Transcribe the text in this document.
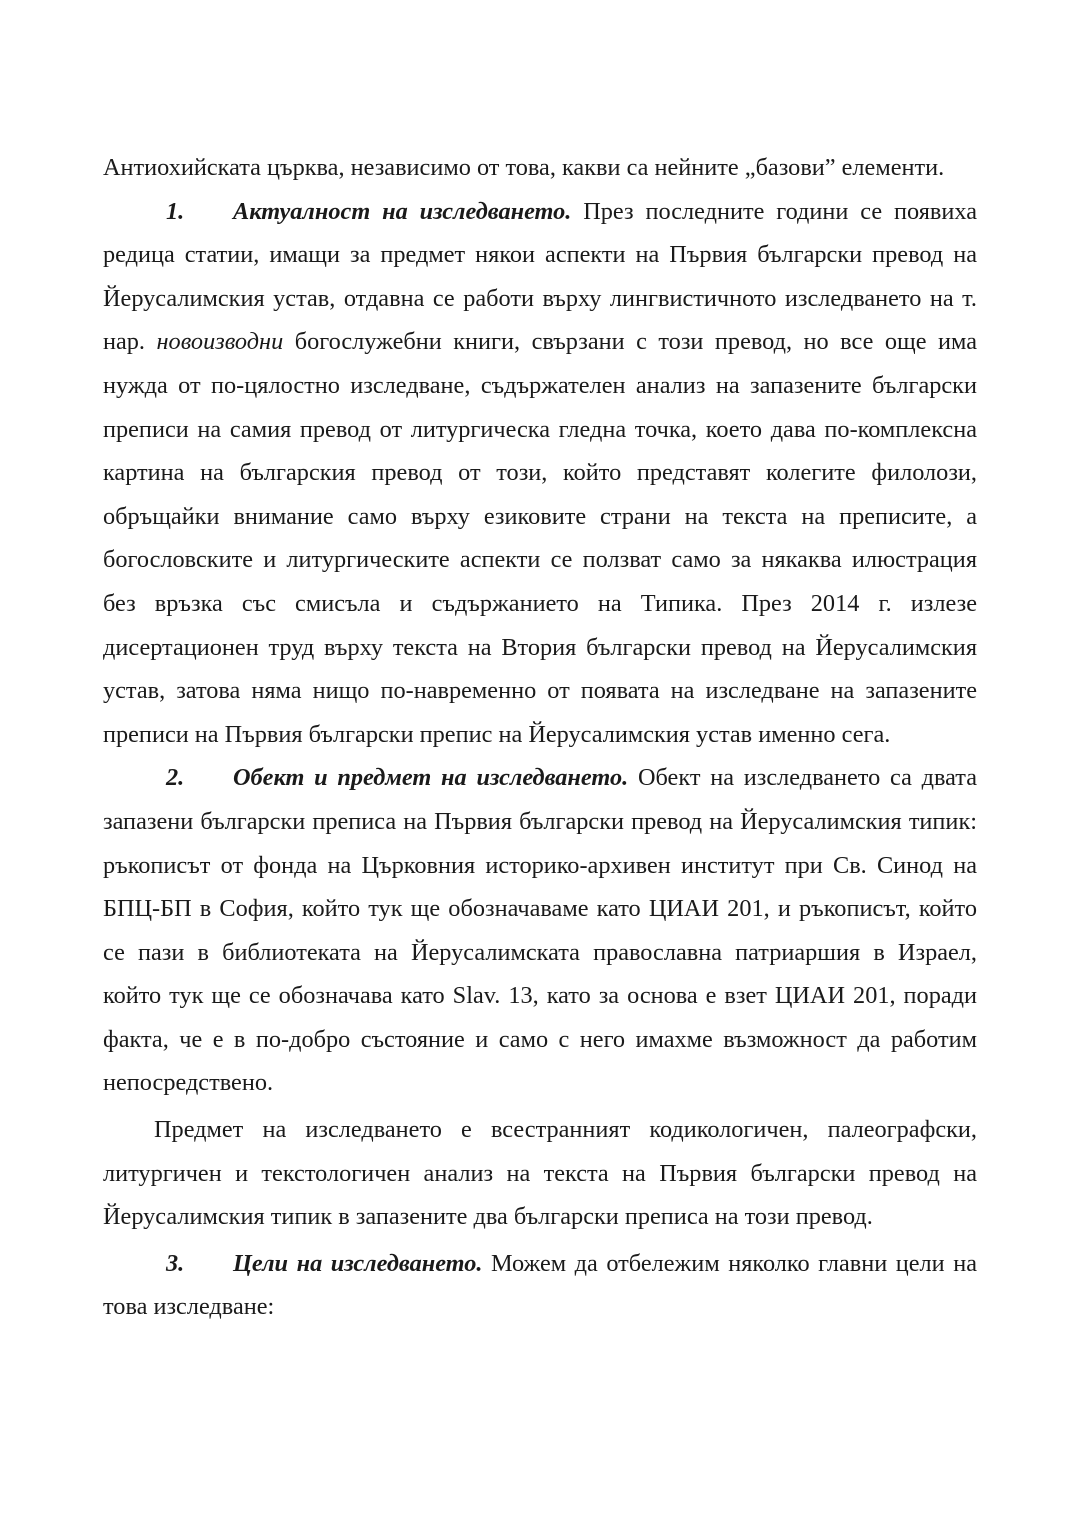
Антиохийската църква, независимо от това, какви са нейните „базови” елементи.

1. Актуалност на изследването. През последните години се появиха редица статии, имащи за предмет някои аспекти на Първия български превод на Йерусалимския устав, отдавна се работи върху лингвистичното изследването на т. нар. новоизводни богослужебни книги, свързани с този превод, но все още има нужда от по-цялостно изследване, съдържателен анализ на запазените български преписи на самия превод от литургическа гледна точка, което дава по-комплексна картина на българския превод от този, който представят колегите филолози, обръщайки внимание само върху езиковите страни на текста на преписите, а богословските и литургическите аспекти се ползват само за някаква илюстрация без връзка със смисъла и съдържанието на Типика. През 2014 г. излезе дисертационен труд върху текста на Втория български превод на Йерусалимския устав, затова няма нищо по-навременно от появата на изследване на запазените преписи на Първия български препис на Йерусалимския устав именно сега.

2. Обект и предмет на изследването. Обект на изследването са двата запазени български преписа на Първия български превод на Йерусалимския типик: ръкописът от фонда на Църковния историко-архивен институт при Св. Синод на БПЦ-БП в София, който тук ще обозначаваме като ЦИАИ 201, и ръкописът, който се пази в библиотеката на Йерусалимската православна патриаршия в Израел, който тук ще се обозначава като Slav. 13, като за основа е взет ЦИАИ 201, поради факта, че е в по-добро състояние и само с него имахме възможност да работим непосредствено.

Предмет на изследването е всестранният кодикологичен, палеографски, литургичен и текстологичен анализ на текста на Първия български превод на Йерусалимския типик в запазените два български преписа на този превод.

3. Цели на изследването. Можем да отбележим няколко главни цели на това изследване:
